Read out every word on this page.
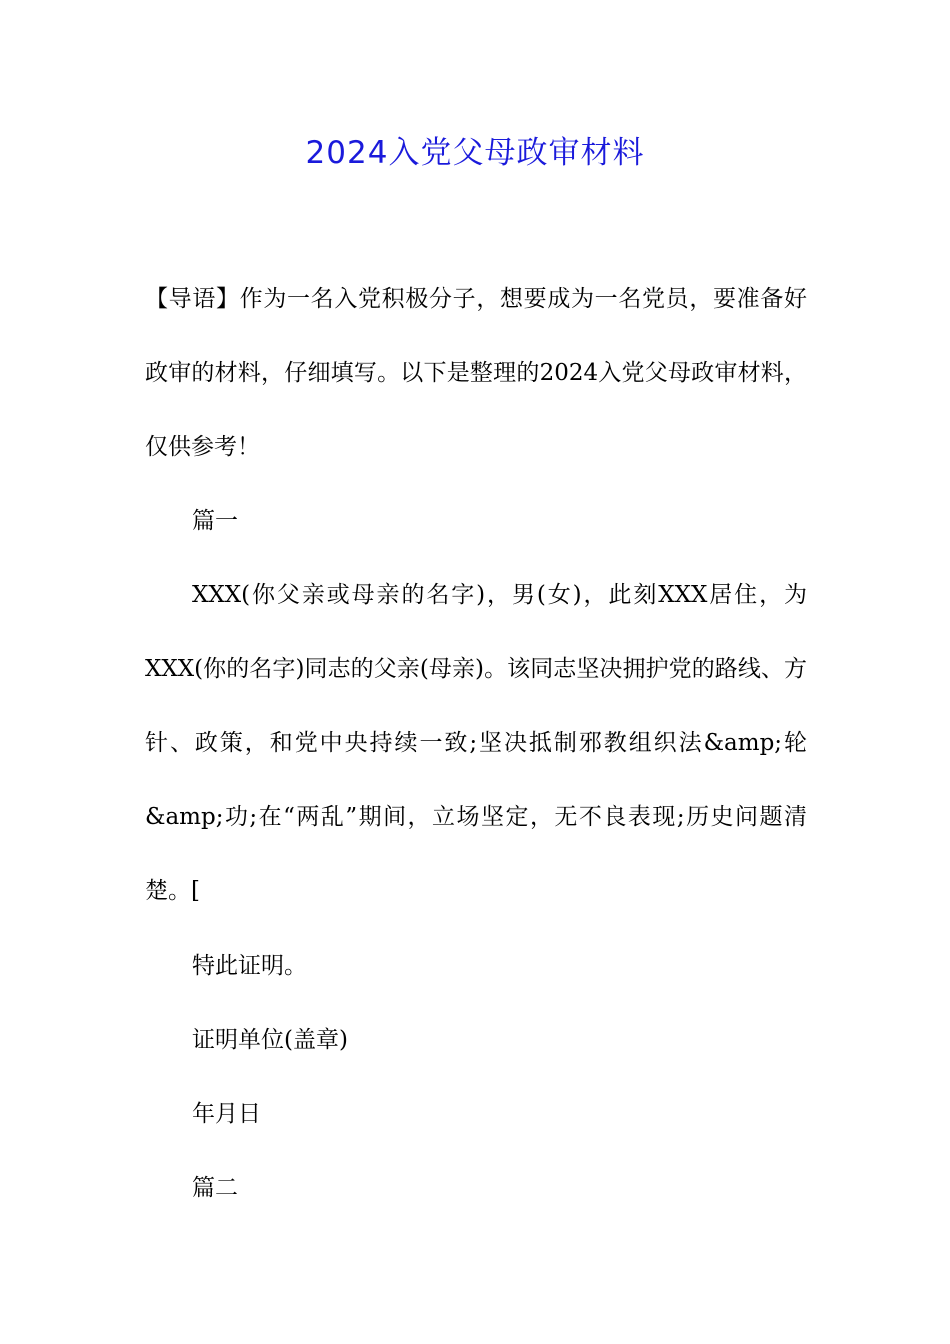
2024入党父母政审材料

【导语】作为一名入党积极分子，想要成为一名党员，要准备好政审的材料，仔细填写。以下是整理的2024入党父母政审材料，仅供参考！

篇一

XXX(你父亲或母亲的名字)，男(女)，此刻XXX居住，为XXX(你的名字)同志的父亲(母亲)。该同志坚决拥护党的路线、方针、政策，和党中央持续一致;坚决抵制邪教组织法&amp;轮&amp;功;在“两乱”期间，立场坚定，无不良表现;历史问题清楚。[

特此证明。

证明单位(盖章)

年月日

篇二
